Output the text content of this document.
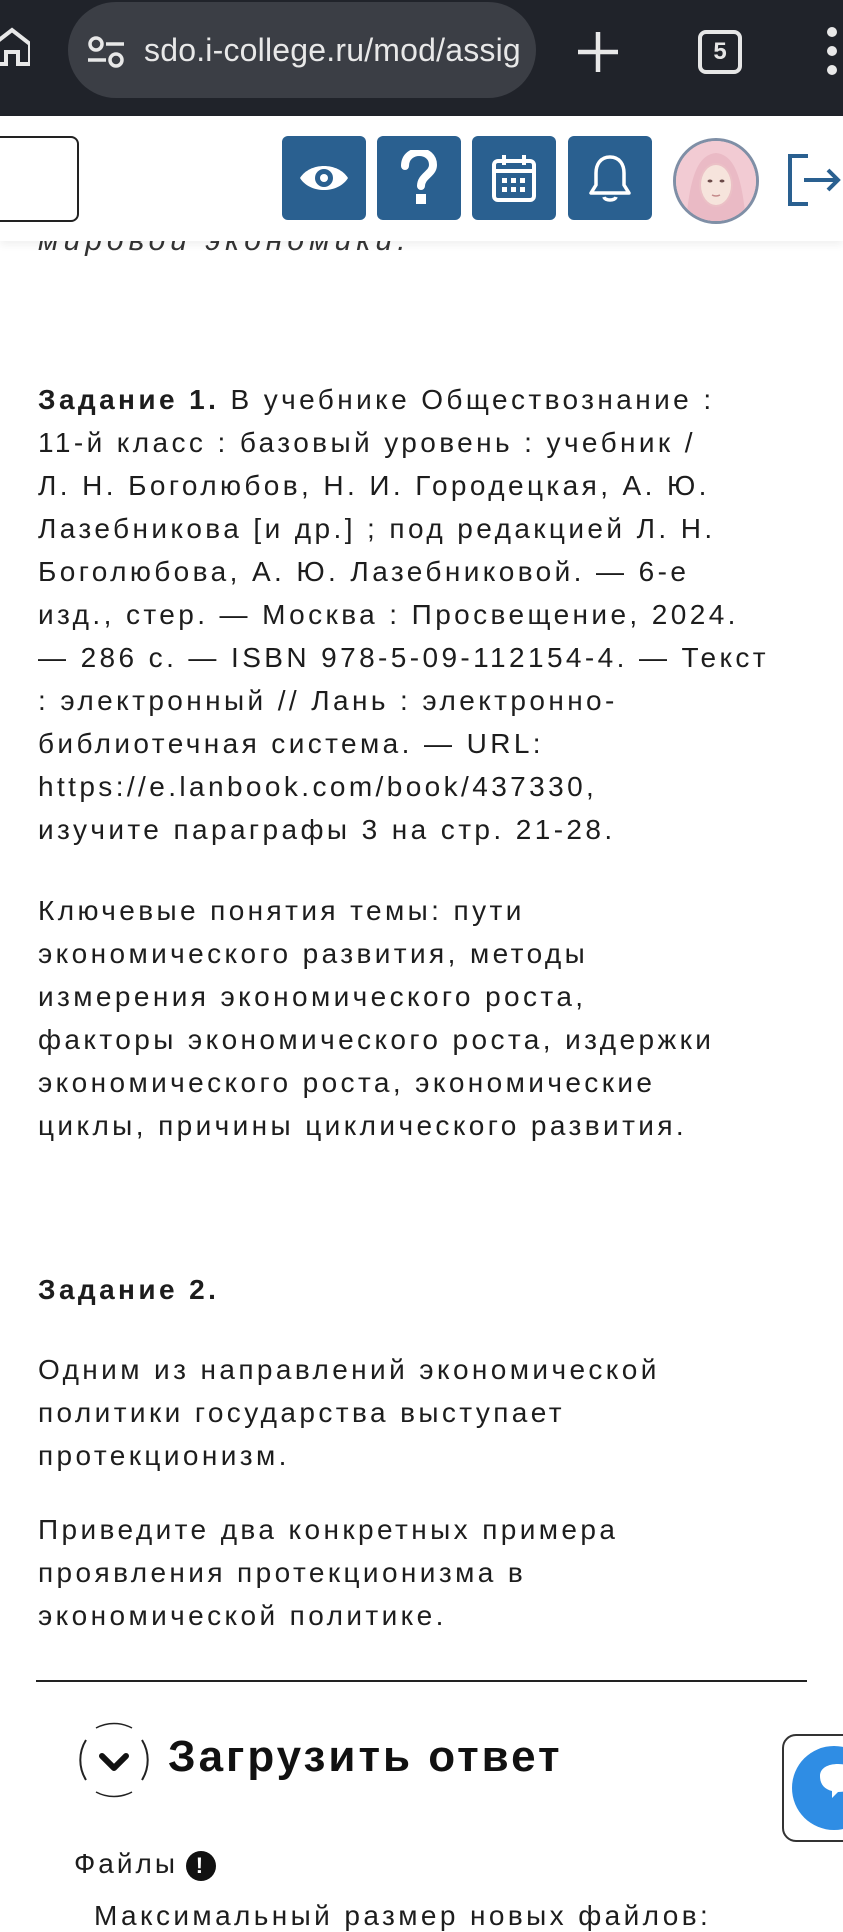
sdo.i-college.ru/mod/assig	5
Задание 1. В учебнике Обществознание :
11-й класс : базовый уровень : учебник /
Л. Н. Боголюбов, Н. И. Городецкая, А. Ю.
Лазебникова [и др.] ; под редакцией Л. Н.
Боголюбова, А. Ю. Лазебниковой. — 6-е
изд., стер. — Москва : Просвещение, 2024.
— 286 с. — ISBN 978-5-09-112154-4. — Текст
: электронный // Лань : электронно-
библиотечная система. — URL:
https://e.lanbook.com/book/437330,
изучите параграфы 3 на стр. 21-28.
Ключевые понятия темы: пути
экономического развития, методы
измерения экономического роста,
факторы экономического роста, издержки
экономического роста, экономические
циклы, причины циклического развития.
Задание 2.
Одним из направлений экономической
политики государства выступает
протекционизм.
Приведите два конкретных примера
проявления протекционизма в
экономической политике.
Загрузить ответ
Файлы !
Максимальный размер новых файлов:
